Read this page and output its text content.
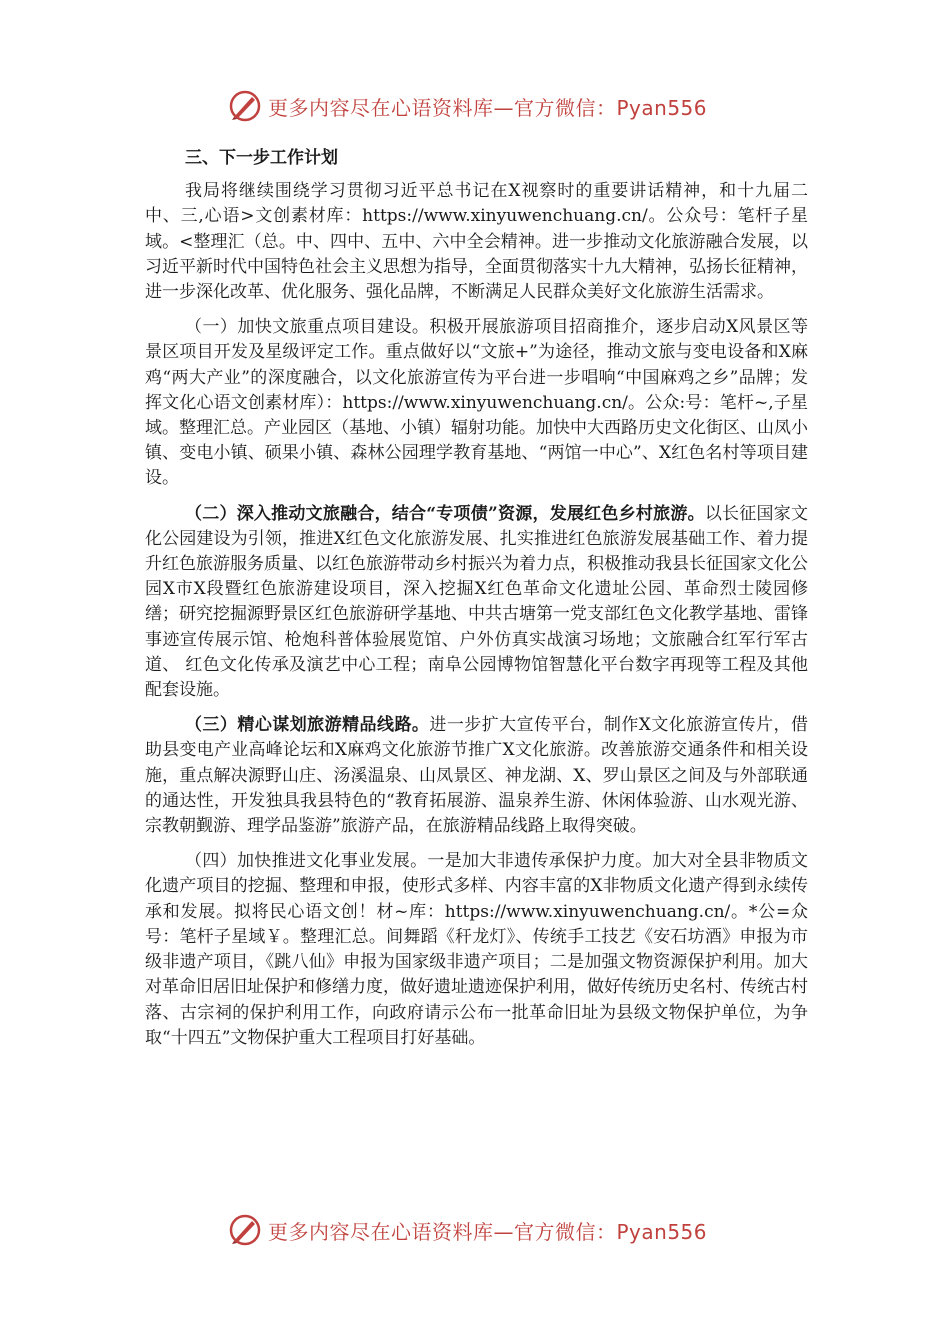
更多内容尽在心语资料库—官方微信：Pyan556

三、下一步工作计划

我局将继续围绕学习贯彻习近平总书记在X视察时的重要讲话精神，和十九届二中、三,心语>文创素材库：https://www.xinyuwenchuang.cn/。公众号：笔杆子星域。<整理汇（总。中、四中、五中、六中全会精神。进一步推动文化旅游融合发展，以习近平新时代中国特色社会主义思想为指导，全面贯彻落实十九大精神，弘扬长征精神，进一步深化改革、优化服务、强化品牌，不断满足人民群众美好文化旅游生活需求。

（一）加快文旅重点项目建设。积极开展旅游项目招商推介，逐步启动X风景区等景区项目开发及星级评定工作。重点做好以“文旅+”为途径，推动文旅与变电设备和X麻鸡“两大产业”的深度融合，以文化旅游宣传为平台进一步唱响“中国麻鸡之乡”品牌；发挥文化心语文创素材库）：https://www.xinyuwenchuang.cn/。公众:号：笔杆~,子星域。整理汇总。产业园区（基地、小镇）辐射功能。加快中大西路历史文化街区、山凤小镇、变电小镇、硕果小镇、森林公园理学教育基地、“两馆一中心”、X红色名村等项目建设。

（二）深入推动文旅融合，结合“专项债”资源，发展红色乡村旅游。以长征国家文化公园建设为引领，推进X红色文化旅游发展、扎实推进红色旅游发展基础工作、着力提升红色旅游服务质量、以红色旅游带动乡村振兴为着力点，积极推动我县长征国家文化公园X市X段暨红色旅游建设项目，深入挖掘X红色革命文化遗址公园、革命烈士陵园修缮；研究挖掘源野景区红色旅游研学基地、中共古塘第一党支部红色文化教学基地、雷锋事迹宣传展示馆、枪炮科普体验展览馆、户外仿真实战演习场地；文旅融合红军行军古道、 红色文化传承及演艺中心工程；南阜公园博物馆智慧化平台数字再现等工程及其他配套设施。

（三）精心谋划旅游精品线路。进一步扩大宣传平台，制作X文化旅游宣传片，借助县变电产业高峰论坛和X麻鸡文化旅游节推广X文化旅游。改善旅游交通条件和相关设施，重点解决源野山庄、汤溪温泉、山凤景区、神龙湖、X、罗山景区之间及与外部联通的通达性，开发独具我县特色的“教育拓展游、温泉养生游、休闲体验游、山水观光游、宗教朝觐游、理学品鉴游”旅游产品，在旅游精品线路上取得突破。

（四）加快推进文化事业发展。一是加大非遗传承保护力度。加大对全县非物质文化遗产项目的挖掘、整理和申报，使形式多样、内容丰富的X非物质文化遗产得到永续传承和发展。拟将民心语文创！材~库：https://www.xinyuwenchuang.cn/。*公=众号：笔杆子星域￥。整理汇总。间舞蹈《秆龙灯》、传统手工技艺《安石坊酒》申报为市级非遗产项目，《跳八仙》申报为国家级非遗产项目；二是加强文物资源保护利用。加大对革命旧居旧址保护和修缮力度，做好遗址遗迹保护利用，做好传统历史名村、传统古村落、古宗祠的保护利用工作，向政府请示公布一批革命旧址为县级文物保护单位，为争取“十四五”文物保护重大工程项目打好基础。

更多内容尽在心语资料库—官方微信：Pyan556
